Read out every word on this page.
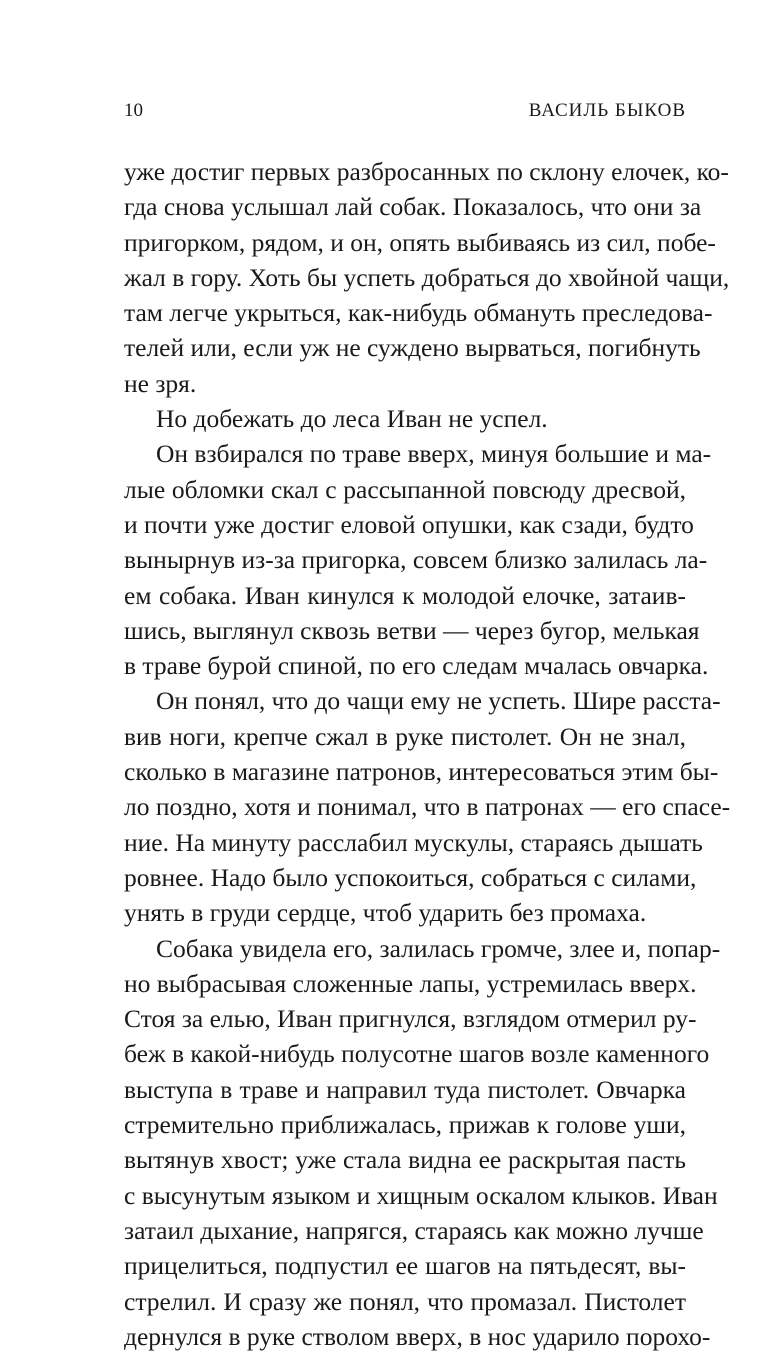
10	ВАСИЛЬ БЫКОВ
уже достиг первых разбросанных по склону елочек, ко-
гда снова услышал лай собак. Показалось, что они за
пригорком, рядом, и он, опять выбиваясь из сил, побе-
жал в гору. Хоть бы успеть добраться до хвойной чащи,
там легче укрыться, как-нибудь обмануть преследова-
телей или, если уж не суждено вырваться, погибнуть
не зря.
Но добежать до леса Иван не успел.
Он взбирался по траве вверх, минуя большие и ма-
лые обломки скал с рассыпанной повсюду дресвой,
и почти уже достиг еловой опушки, как сзади, будто
вынырнув из-за пригорка, совсем близко залилась ла-
ем собака. Иван кинулся к молодой елочке, затаив-
шись, выглянул сквозь ветви — через бугор, мелькая
в траве бурой спиной, по его следам мчалась овчарка.
Он понял, что до чащи ему не успеть. Шире расста-
вив ноги, крепче сжал в руке пистолет. Он не знал,
сколько в магазине патронов, интересоваться этим бы-
ло поздно, хотя и понимал, что в патронах — его спасе-
ние. На минуту расслабил мускулы, стараясь дышать
ровнее. Надо было успокоиться, собраться с силами,
унять в груди сердце, чтоб ударить без промаха.
Собака увидела его, залилась громче, злее и, попар-
но выбрасывая сложенные лапы, устремилась вверх.
Стоя за елью, Иван пригнулся, взглядом отмерил ру-
беж в какой-нибудь полусотне шагов возле каменного
выступа в траве и направил туда пистолет. Овчарка
стремительно приближалась, прижав к голове уши,
вытянув хвост; уже стала видна ее раскрытая пасть
с высунутым языком и хищным оскалом клыков. Иван
затаил дыхание, напрягся, стараясь как можно лучше
прицелиться, подпустил ее шагов на пятьдесят, вы-
стрелил. И сразу же понял, что промазал. Пистолет
дернулся в руке стволом вверх, в нос ударило порохо-
